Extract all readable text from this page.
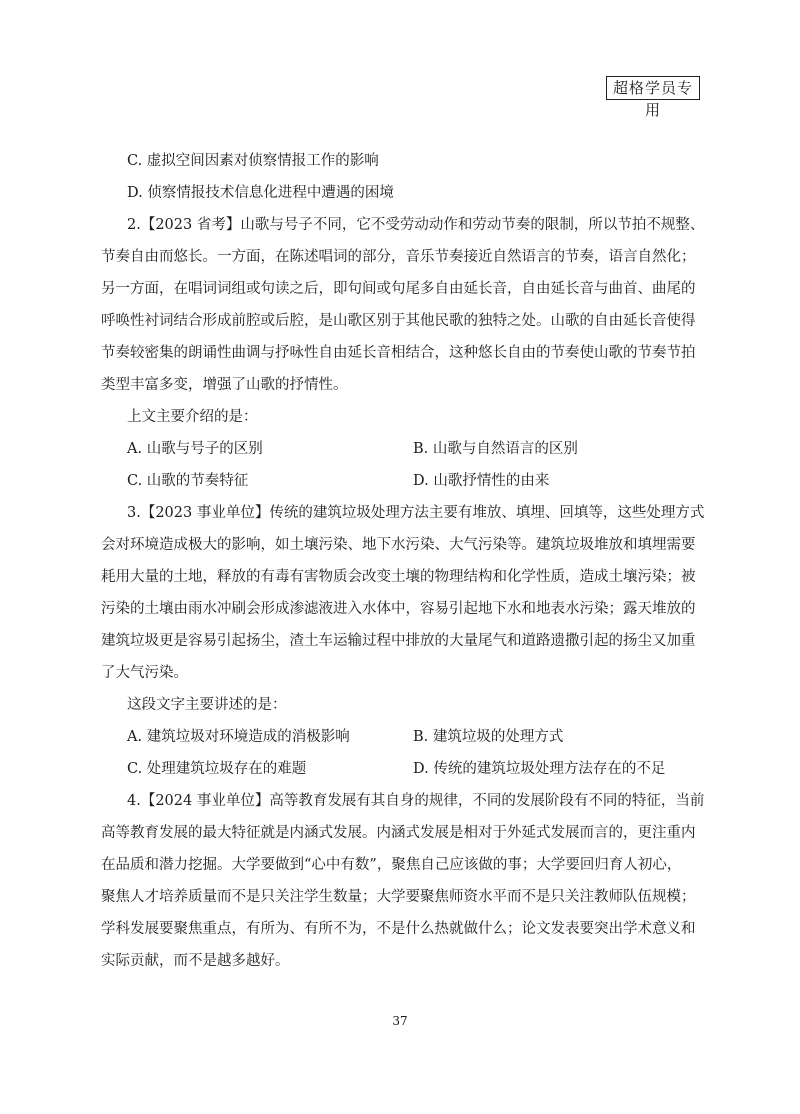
超格学员专用
C. 虚拟空间因素对侦察情报工作的影响
D. 侦察情报技术信息化进程中遭遇的困境
2.【2023 省考】山歌与号子不同，它不受劳动动作和劳动节奏的限制，所以节拍不规整、
节奏自由而悠长。一方面，在陈述唱词的部分，音乐节奏接近自然语言的节奏，语言自然化；
另一方面，在唱词词组或句读之后，即句间或句尾多自由延长音，自由延长音与曲首、曲尾的
呼唤性衬词结合形成前腔或后腔，是山歌区别于其他民歌的独特之处。山歌的自由延长音使得
节奏较密集的朗诵性曲调与抒咏性自由延长音相结合，这种悠长自由的节奏使山歌的节奏节拍
类型丰富多变，增强了山歌的抒情性。
上文主要介绍的是：
A. 山歌与号子的区别	B. 山歌与自然语言的区别
C. 山歌的节奏特征	D. 山歌抒情性的由来
3.【2023 事业单位】传统的建筑垃圾处理方法主要有堆放、填埋、回填等，这些处理方式
会对环境造成极大的影响，如土壤污染、地下水污染、大气污染等。建筑垃圾堆放和填埋需要
耗用大量的土地，释放的有毒有害物质会改变土壤的物理结构和化学性质，造成土壤污染；被
污染的土壤由雨水冲刷会形成渗滤液进入水体中，容易引起地下水和地表水污染；露天堆放的
建筑垃圾更是容易引起扬尘，渣土车运输过程中排放的大量尾气和道路遗撒引起的扬尘又加重
了大气污染。
这段文字主要讲述的是：
A. 建筑垃圾对环境造成的消极影响	B. 建筑垃圾的处理方式
C. 处理建筑垃圾存在的难题	D. 传统的建筑垃圾处理方法存在的不足
4.【2024 事业单位】高等教育发展有其自身的规律，不同的发展阶段有不同的特征，当前
高等教育发展的最大特征就是内涵式发展。内涵式发展是相对于外延式发展而言的，更注重内
在品质和潜力挖掘。大学要做到“心中有数”，聚焦自己应该做的事；大学要回归育人初心，
聚焦人才培养质量而不是只关注学生数量；大学要聚焦师资水平而不是只关注教师队伍规模；
学科发展要聚焦重点，有所为、有所不为，不是什么热就做什么；论文发表要突出学术意义和
实际贡献，而不是越多越好。
37
